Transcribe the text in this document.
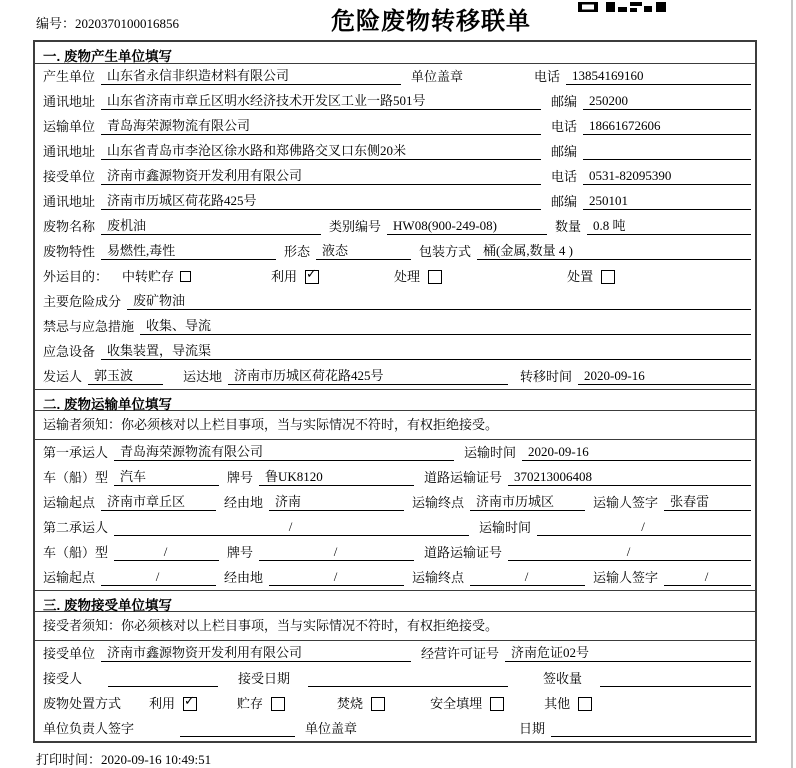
编号：2020370100016856	危险废物转移联单
一. 废物产生单位填写
产生单位 山东省永信非织造材料有限公司	单位盖章	电话 13854169160
通讯地址 山东省济南市章丘区明水经济技术开发区工业一路501号	邮编 250200
运输单位 青岛海荣源物流有限公司	电话 18661672606
通讯地址 山东省青岛市李沧区徐水路和郑佛路交叉口东侧20米	邮编
接受单位 济南市鑫源物资开发利用有限公司	电话 0531-82095390
通讯地址 济南市历城区荷花路425号	邮编 250101
废物名称 废机油	类别编号 HW08(900-249-08)	数量 0.8 吨
废物特性 易燃性,毒性	形态 液态	包装方式 桶(金属,数量 4 )
外运目的：	中转贮存	利用 ✓	处理	处置
主要危险成分 废矿物油
禁忌与应急措施 收集、导流
应急设备 收集装置，导流渠
发运人 郭玉波	运达地 济南市历城区荷花路425号	转移时间 2020-09-16
二. 废物运输单位填写
运输者须知：你必须核对以上栏目事项，当与实际情况不符时，有权拒绝接受。
第一承运人 青岛海荣源物流有限公司	运输时间 2020-09-16
车（船）型 汽车	牌号 鲁UK8120	道路运输证号 370213006408
运输起点 济南市章丘区	经由地 济南	运输终点 济南市历城区	运输人签字 张春雷
第二承运人	/	运输时间	/
车（船）型	/	牌号	/	道路运输证号	/
运输起点	/	经由地	/	运输终点	/	运输人签字	/
三. 废物接受单位填写
接受者须知：你必须核对以上栏目事项，当与实际情况不符时，有权拒绝接受。
接受单位 济南市鑫源物资开发利用有限公司	经营许可证号 济南危证02号
接受人	接受日期	签收量
废物处置方式	利用 ✓	贮存	焚烧	安全填埋	其他
单位负责人签字	单位盖章	日期
打印时间：2020-09-16 10:49:51
